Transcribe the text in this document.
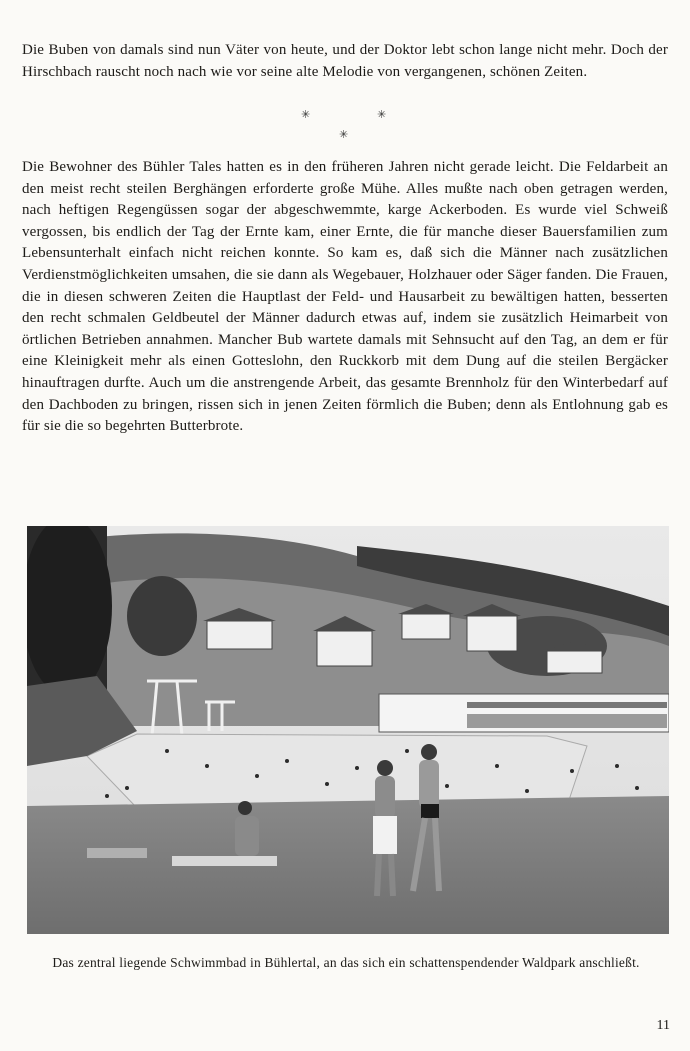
Die Buben von damals sind nun Väter von heute, und der Doktor lebt schon lange nicht mehr. Doch der Hirschbach rauscht noch nach wie vor seine alte Melodie von vergangenen, schönen Zeiten.

✳	✳
✳

Die Bewohner des Bühler Tales hatten es in den früheren Jahren nicht gerade leicht. Die Feldarbeit an den meist recht steilen Berghängen erforderte große Mühe. Alles mußte nach oben getragen werden, nach heftigen Regengüssen sogar der abgeschwemmte, karge Ackerboden. Es wurde viel Schweiß vergossen, bis endlich der Tag der Ernte kam, einer Ernte, die für manche dieser Bauersfamilien zum Lebensunterhalt einfach nicht reichen konnte. So kam es, daß sich die Männer nach zusätzlichen Verdienstmöglichkeiten umsahen, die sie dann als Wegebauer, Holzhauer oder Säger fanden. Die Frauen, die in diesen schweren Zeiten die Hauptlast der Feld- und Hausarbeit zu bewältigen hatten, besserten den recht schmalen Geldbeutel der Männer dadurch etwas auf, indem sie zusätzlich Heimarbeit von örtlichen Betrieben annahmen. Mancher Bub wartete damals mit Sehnsucht auf den Tag, an dem er für eine Kleinigkeit mehr als einen Gotteslohn, den Ruckkorb mit dem Dung auf die steilen Bergäcker hinauftragen durfte. Auch um die anstrengende Arbeit, das gesamte Brennholz für den Winterbedarf auf den Dachboden zu bringen, rissen sich in jenen Zeiten förmlich die Buben; denn als Entlohnung gab es für sie die so begehrten Butterbrote.

Das zentral liegende Schwimmbad in Bühlertal, an das sich ein schattenspendender Waldpark anschließt.

11
